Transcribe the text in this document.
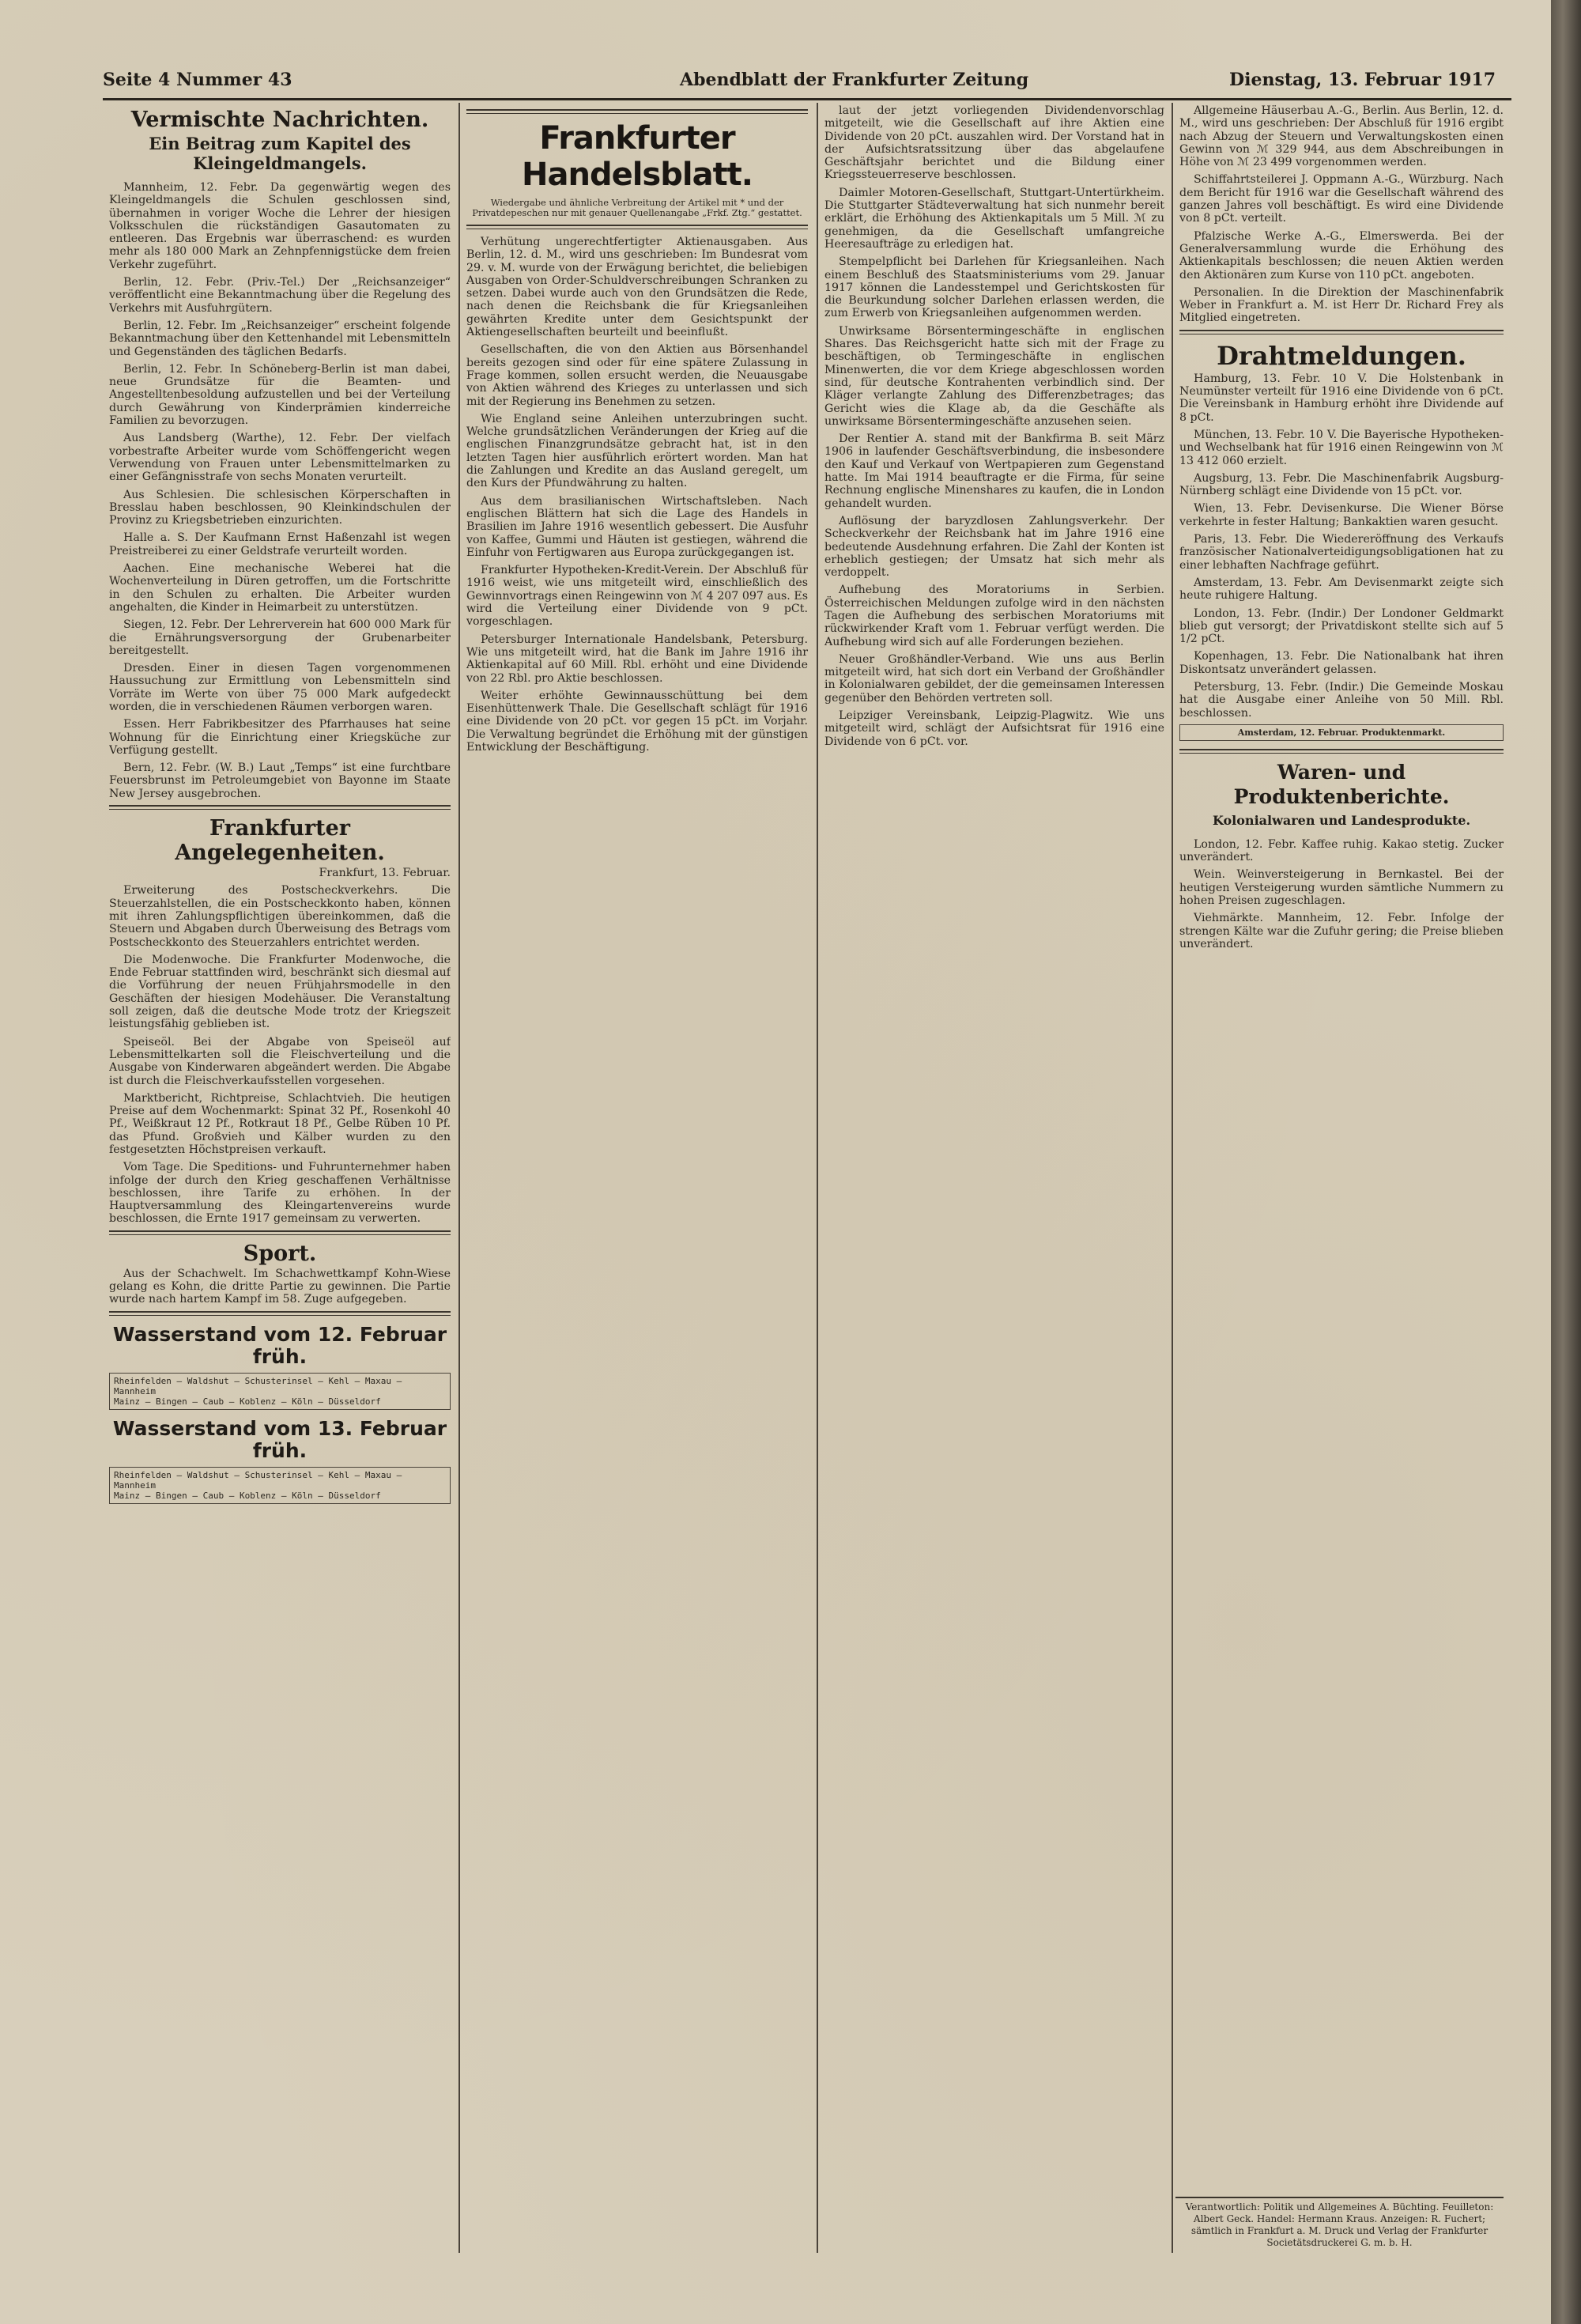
Seite 4 Nummer 43	Abendblatt der Frankfurter Zeitung	Dienstag, 13. Februar 1917
Vermischte Nachrichten.
Ein Beitrag zum Kapitel des Kleingeldmangels.

Mannheim, 12. Febr. Da gegenwärtig wegen des Kleingeldmangels die Schulen geschlossen sind, übernahmen in voriger Woche die Lehrer der hiesigen Volksschulen die rückständigen Gasautomaten zu entleeren. Das Ergebnis war überraschend: es wurden mehr als 180 000 Mark an Zehnpfennigstücke dem freien Verkehr zugeführt.

Berlin, 12. Febr. (Priv.-Tel.) Der „Reichsanzeiger“ veröffentlicht eine Bekanntmachung über die Regelung des Verkehrs mit Ausfuhrgütern.

Berlin, 12. Febr. Im „Reichsanzeiger“ erscheint folgende Bekanntmachung über den Kettenhandel mit Lebensmitteln und Gegenständen des täglichen Bedarfs.

Berlin, 12. Febr. In Schöneberg-Berlin ist man dabei, neue Grundsätze für die Beamten- und Angestelltenbesoldung aufzustellen und bei der Verteilung durch Gewährung von Kinderprämien kinderreiche Familien zu bevorzugen.

Aus Landsberg (Warthe), 12. Febr. Der vielfach vorbestrafte Arbeiter wurde vom Schöffengericht wegen Verwendung von Frauen unter Lebensmittelmarken zu einer Gefängnisstrafe von sechs Monaten verurteilt.

Aus Schlesien. Die schlesischen Körperschaften in Bresslau haben beschlossen, 90 Kleinkindschulen der Provinz zu Kriegsbetrieben einzurichten.

Halle a. S. Der Kaufmann Ernst Haßenzahl ist wegen Preistreiberei zu einer Geldstrafe verurteilt worden.

Aachen. Eine mechanische Weberei hat die Wochenverteilung in Düren getroffen, um die Fortschritte in den Schulen zu erhalten. Die Arbeiter wurden angehalten, die Kinder in Heimarbeit zu unterstützen.

Siegen, 12. Febr. Der Lehrerverein hat 600 000 Mark für die Ernährungsversorgung der Grubenarbeiter bereitgestellt.

Dresden. Einer in diesen Tagen vorgenommenen Haussuchung zur Ermittlung von Lebensmitteln sind Vorräte im Werte von über 75 000 Mark aufgedeckt worden, die in verschiedenen Räumen verborgen waren.

Essen. Herr Fabrikbesitzer des Pfarrhauses hat seine Wohnung für die Einrichtung einer Kriegsküche zur Verfügung gestellt.

Bern, 12. Febr. (W. B.) Laut „Temps“ ist eine furchtbare Feuersbrunst im Petroleumgebiet von Bayonne im Staate New Jersey ausgebrochen.

Frankfurter Angelegenheiten.

Frankfurt, 13. Februar.

Erweiterung des Postscheckverkehrs. Die Steuerzahlstellen, die ein Postscheckkonto haben, können mit ihren Zahlungspflichtigen übereinkommen, daß die Steuern und Abgaben durch Überweisung des Betrags vom Postscheckkonto des Steuerzahlers entrichtet werden.

Die Modenwoche. Die Frankfurter Modenwoche, die Ende Februar stattfinden wird, beschränkt sich diesmal auf die Vorführung der neuen Frühjahrsmodelle in den Geschäften der hiesigen Modehäuser. Die Veranstaltung soll zeigen, daß die deutsche Mode trotz der Kriegszeit leistungsfähig geblieben ist.

Speiseöl. Bei der Abgabe von Speiseöl auf Lebensmittelkarten soll die Fleischverteilung und die Ausgabe von Kinderwaren abgeändert werden. Die Abgabe ist durch die Fleischverkaufsstellen vorgesehen.

Marktbericht, Richtpreise, Schlachtvieh. Die heutigen Preise auf dem Wochenmarkt: Spinat 32 Pf., Rosenkohl 40 Pf., Weißkraut 12 Pf., Rotkraut 18 Pf., Gelbe Rüben 10 Pf. das Pfund. Großvieh und Kälber wurden zu den festgesetzten Höchstpreisen verkauft.

Vom Tage. Die Speditions- und Fuhrunternehmer haben infolge der durch den Krieg geschaffenen Verhältnisse beschlossen, ihre Tarife zu erhöhen. In der Hauptversammlung des Kleingartenvereins wurde beschlossen, die Ernte 1917 gemeinsam zu verwerten.

Sport.

Aus der Schachwelt. Im Schachwettkampf Kohn-Wiese gelang es Kohn, die dritte Partie zu gewinnen. Die Partie wurde nach hartem Kampf im 58. Zuge aufgegeben.

Wasserstand vom 12. Februar früh.
Rheinfelden — Waldshut — Schusterinsel — Kehl — Maxau — Mannheim
Mainz — Bingen — Caub — Koblenz — Köln — Düsseldorf
Wasserstand vom 13. Februar früh.
Rheinfelden — Waldshut — Schusterinsel — Kehl — Maxau — Mannheim
Mainz — Bingen — Caub — Koblenz — Köln — Düsseldorf
Frankfurter Handelsblatt.
Wiedergabe und ähnliche Verbreitung der Artikel mit * und der Privatdepeschen nur mit genauer Quellenangabe „Frkf. Ztg.“ gestattet.

Verhütung ungerechtfertigter Aktienausgaben. Aus Berlin, 12. d. M., wird uns geschrieben: Im Bundesrat vom 29. v. M. wurde von der Erwägung berichtet, die beliebigen Ausgaben von Order-Schuldverschreibungen Schranken zu setzen. Dabei wurde auch von den Grundsätzen die Rede, nach denen die Reichsbank die für Kriegsanleihen gewährten Kredite unter dem Gesichtspunkt der Aktiengesellschaften beurteilt und beeinflußt.

Gesellschaften, die von den Aktien aus Börsenhandel bereits gezogen sind oder für eine spätere Zulassung in Frage kommen, sollen ersucht werden, die Neuausgabe von Aktien während des Krieges zu unterlassen und sich mit der Regierung ins Benehmen zu setzen.

Wie England seine Anleihen unterzubringen sucht. Welche grundsätzlichen Veränderungen der Krieg auf die englischen Finanzgrundsätze gebracht hat, ist in den letzten Tagen hier ausführlich erörtert worden. Man hat die Zahlungen und Kredite an das Ausland geregelt, um den Kurs der Pfundwährung zu halten.

Aus dem brasilianischen Wirtschaftsleben. Nach englischen Blättern hat sich die Lage des Handels in Brasilien im Jahre 1916 wesentlich gebessert. Die Ausfuhr von Kaffee, Gummi und Häuten ist gestiegen, während die Einfuhr von Fertigwaren aus Europa zurückgegangen ist.

Frankfurter Hypotheken-Kredit-Verein. Der Abschluß für 1916 weist, wie uns mitgeteilt wird, einschließlich des Gewinnvortrags einen Reingewinn von ℳ 4 207 097 aus. Es wird die Verteilung einer Dividende von 9 pCt. vorgeschlagen.

Petersburger Internationale Handelsbank, Petersburg. Wie uns mitgeteilt wird, hat die Bank im Jahre 1916 ihr Aktienkapital auf 60 Mill. Rbl. erhöht und eine Dividende von 22 Rbl. pro Aktie beschlossen.

Weiter erhöhte Gewinnausschüttung bei dem Eisenhüttenwerk Thale. Die Gesellschaft schlägt für 1916 eine Dividende von 20 pCt. vor gegen 15 pCt. im Vorjahr. Die Verwaltung begründet die Erhöhung mit der günstigen Entwicklung der Beschäftigung.

laut der jetzt vorliegenden Dividendenvorschlag mitgeteilt, wie die Gesellschaft auf ihre Aktien eine Dividende von 20 pCt. auszahlen wird. Der Vorstand hat in der Aufsichtsratssitzung über das abgelaufene Geschäftsjahr berichtet und die Bildung einer Kriegssteuerreserve beschlossen.

Daimler Motoren-Gesellschaft, Stuttgart-Untertürkheim. Die Stuttgarter Städteverwaltung hat sich nunmehr bereit erklärt, die Erhöhung des Aktienkapitals um 5 Mill. ℳ zu genehmigen, da die Gesellschaft umfangreiche Heeresaufträge zu erledigen hat.

Stempelpflicht bei Darlehen für Kriegsanleihen. Nach einem Beschluß des Staatsministeriums vom 29. Januar 1917 können die Landesstempel und Gerichtskosten für die Beurkundung solcher Darlehen erlassen werden, die zum Erwerb von Kriegsanleihen aufgenommen werden.

Unwirksame Börsentermingeschäfte in englischen Shares. Das Reichsgericht hatte sich mit der Frage zu beschäftigen, ob Termingeschäfte in englischen Minenwerten, die vor dem Kriege abgeschlossen worden sind, für deutsche Kontrahenten verbindlich sind. Der Kläger verlangte Zahlung des Differenzbetrages; das Gericht wies die Klage ab, da die Geschäfte als unwirksame Börsentermingeschäfte anzusehen seien.

Der Rentier A. stand mit der Bankfirma B. seit März 1906 in laufender Geschäftsverbindung, die insbesondere den Kauf und Verkauf von Wertpapieren zum Gegenstand hatte. Im Mai 1914 beauftragte er die Firma, für seine Rechnung englische Minenshares zu kaufen, die in London gehandelt wurden.

Auflösung der baryzdlosen Zahlungsverkehr. Der Scheckverkehr der Reichsbank hat im Jahre 1916 eine bedeutende Ausdehnung erfahren. Die Zahl der Konten ist erheblich gestiegen; der Umsatz hat sich mehr als verdoppelt.

Aufhebung des Moratoriums in Serbien. Österreichischen Meldungen zufolge wird in den nächsten Tagen die Aufhebung des serbischen Moratoriums mit rückwirkender Kraft vom 1. Februar verfügt werden. Die Aufhebung wird sich auf alle Forderungen beziehen.

Neuer Großhändler-Verband. Wie uns aus Berlin mitgeteilt wird, hat sich dort ein Verband der Großhändler in Kolonialwaren gebildet, der die gemeinsamen Interessen gegenüber den Behörden vertreten soll.

Leipziger Vereinsbank, Leipzig-Plagwitz. Wie uns mitgeteilt wird, schlägt der Aufsichtsrat für 1916 eine Dividende von 6 pCt. vor.

Allgemeine Häuserbau A.-G., Berlin. Aus Berlin, 12. d. M., wird uns geschrieben: Der Abschluß für 1916 ergibt nach Abzug der Steuern und Verwaltungskosten einen Gewinn von ℳ 329 944, aus dem Abschreibungen in Höhe von ℳ 23 499 vorgenommen werden.

Schiffahrtsteilerei J. Oppmann A.-G., Würzburg. Nach dem Bericht für 1916 war die Gesellschaft während des ganzen Jahres voll beschäftigt. Es wird eine Dividende von 8 pCt. verteilt.

Pfalzische Werke A.-G., Elmerswerda. Bei der Generalversammlung wurde die Erhöhung des Aktienkapitals beschlossen; die neuen Aktien werden den Aktionären zum Kurse von 110 pCt. angeboten.

Personalien. In die Direktion der Maschinenfabrik Weber in Frankfurt a. M. ist Herr Dr. Richard Frey als Mitglied eingetreten.

Drahtmeldungen.

Hamburg, 13. Febr. 10 V. Die Holstenbank in Neumünster verteilt für 1916 eine Dividende von 6 pCt. Die Vereinsbank in Hamburg erhöht ihre Dividende auf 8 pCt.

München, 13. Febr. 10 V. Die Bayerische Hypotheken- und Wechselbank hat für 1916 einen Reingewinn von ℳ 13 412 060 erzielt.

Augsburg, 13. Febr. Die Maschinenfabrik Augsburg-Nürnberg schlägt eine Dividende von 15 pCt. vor.

Wien, 13. Febr. Devisenkurse. Die Wiener Börse verkehrte in fester Haltung; Bankaktien waren gesucht.

Paris, 13. Febr. Die Wiedereröffnung des Verkaufs französischer Nationalverteidigungsobligationen hat zu einer lebhaften Nachfrage geführt.

Amsterdam, 13. Febr. Am Devisenmarkt zeigte sich heute ruhigere Haltung.

London, 13. Febr. (Indir.) Der Londoner Geldmarkt blieb gut versorgt; der Privatdiskont stellte sich auf 5 1/2 pCt.

Kopenhagen, 13. Febr. Die Nationalbank hat ihren Diskontsatz unverändert gelassen.

Petersburg, 13. Febr. (Indir.) Die Gemeinde Moskau hat die Ausgabe einer Anleihe von 50 Mill. Rbl. beschlossen.

Amsterdam, 12. Februar. Produktenmarkt.
Waren- und Produktenberichte.
Kolonialwaren und Landesprodukte.

London, 12. Febr. Kaffee ruhig. Kakao stetig. Zucker unverändert.

Wein. Weinversteigerung in Bernkastel. Bei der heutigen Versteigerung wurden sämtliche Nummern zu hohen Preisen zugeschlagen.

Viehmärkte. Mannheim, 12. Febr. Infolge der strengen Kälte war die Zufuhr gering; die Preise blieben unverändert.

Verantwortlich: Politik und Allgemeines A. Büchting. Feuilleton: Albert Geck. Handel: Hermann Kraus. Anzeigen: R. Fuchert; sämtlich in Frankfurt a. M. Druck und Verlag der Frankfurter Societätsdruckerei G. m. b. H.
